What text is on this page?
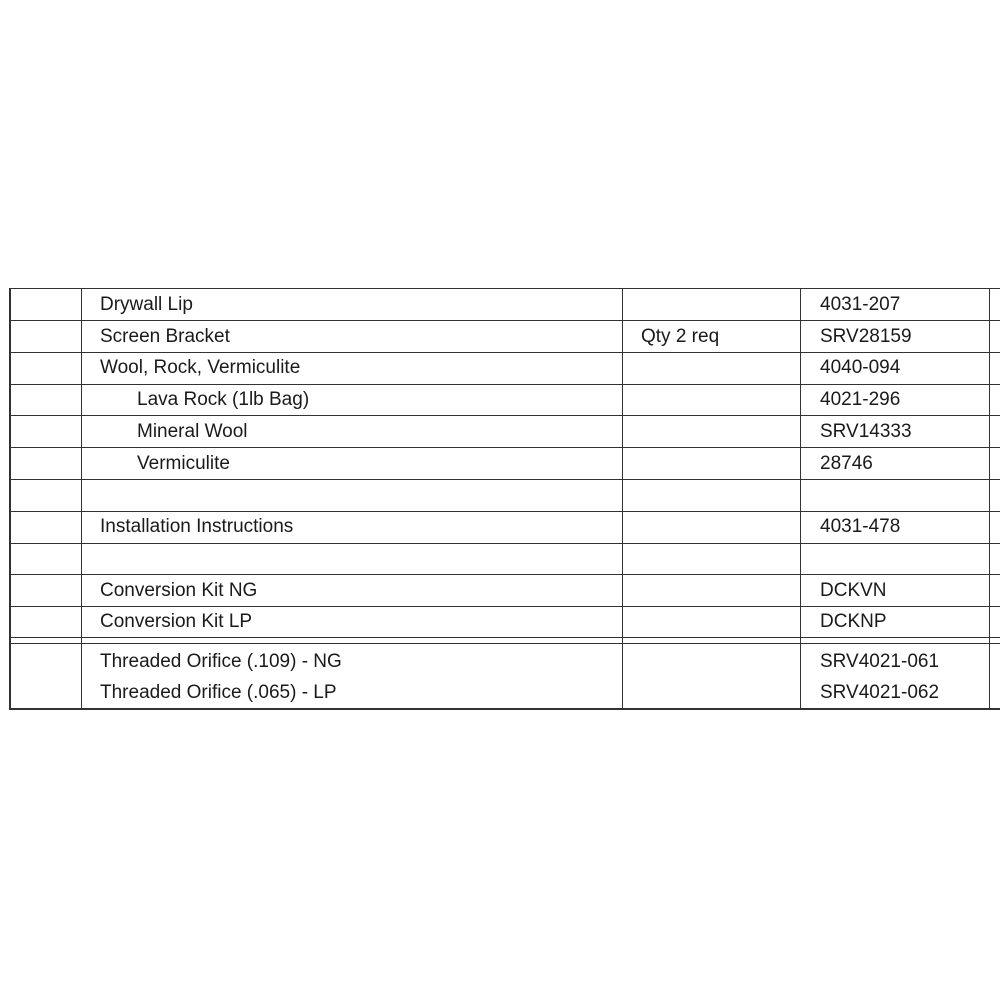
Drywall Lip	4031-207
Screen Bracket	Qty 2 req	SRV28159
Wool, Rock, Vermiculite	4040-094
Lava Rock (1lb Bag)	4021-296
Mineral Wool	SRV14333
Vermiculite	28746
Installation Instructions	4031-478
Conversion Kit NG	DCKVN
Conversion Kit LP	DCKNP
Threaded Orifice (.109) - NG	SRV4021-061
Threaded Orifice (.065) - LP	SRV4021-062
